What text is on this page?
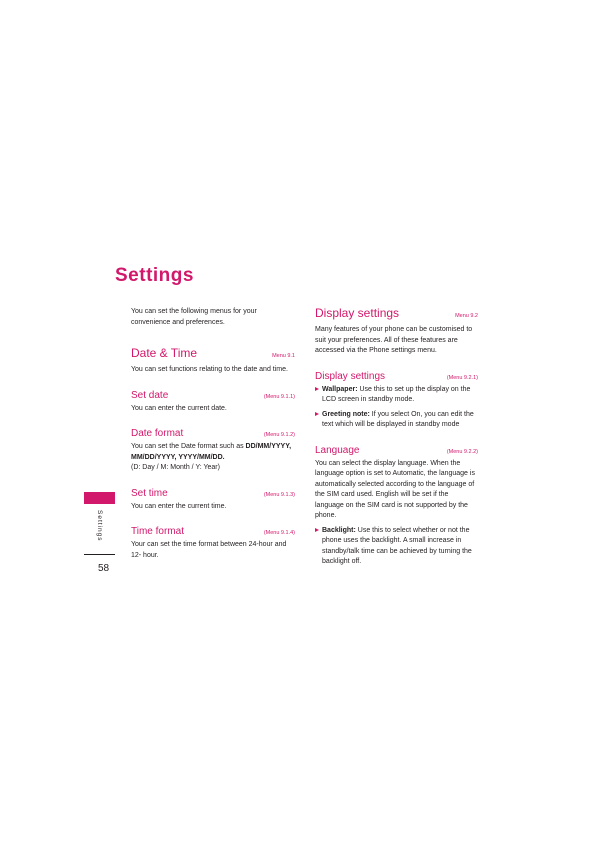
Settings

You can set the following menus for your convenience and preferences.

Date & Time	Menu 9.1

You can set functions relating to the date and time.

Set date	(Menu 9.1.1)

You can enter the current date.

Date format	(Menu 9.1.2)

You can set the Date format such as DD/MM/YYYY, MM/DD/YYYY, YYYY/MM/DD.
(D: Day / M: Month / Y: Year)

Set time	(Menu 9.1.3)

You can enter the current time.

Time format	(Menu 9.1.4)

Your can set the time format between 24-hour and 12- hour.

Display settings	Menu 9.2

Many features of your phone can be customised to suit your preferences. All of these features are accessed via the Phone settings menu.

Display settings	(Menu 9.2.1)
Wallpaper: Use this to set up the display on the LCD screen in standby mode.
Greeting note: If you select On, you can edit the text which will be displayed in standby mode
Language	(Menu 9.2.2)

You can select the display language. When the language option is set to Automatic, the language is automatically selected according to the language of the SIM card used. English will be set if the language on the SIM card is not supported by the phone.

Backlight: Use this to select whether or not the phone uses the backlight. A small increase in standby/talk time can be achieved by turning the backlight off.
Settings
58
